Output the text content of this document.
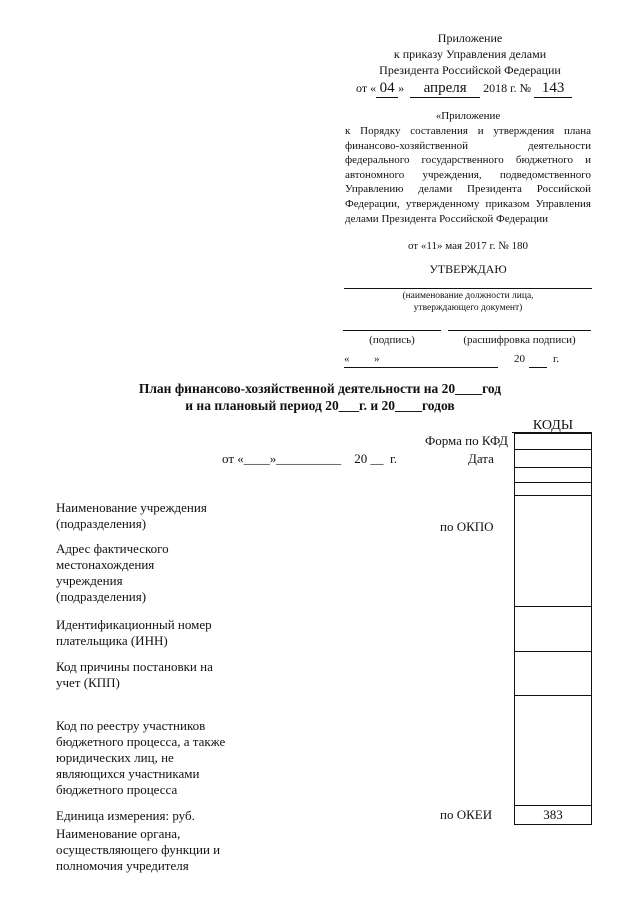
Приложение
к приказу Управления делами
Президента Российской Федерации
от « 04 » апреля 2018 г. № 143
«Приложение
к Порядку составления и утверждения плана финансово-хозяйственной деятельности федерального государственного бюджетного и автономного учреждения, подведомственного Управлению делами Президента Российской Федерации, утвержденному приказом Управления делами Президента Российской Федерации
от «11» мая 2017 г. № 180
УТВЕРЖДАЮ
(наименование должности лица,
утверждающего документ)
(подпись)	(расшифровка подписи)
« »	20	г.
План финансово-хозяйственной деятельности на 20____год
и на плановый период 20___г. и 20____годов
КОДЫ
Форма по КФД
от «____»__________    20 __  г.	Дата
по ОКПО
по ОКЕИ	383
Наименование учреждения (подразделения)
Адрес фактического местонахождения учреждения (подразделения)
Идентификационный номер плательщика (ИНН)
Код причины постановки на учет (КПП)
Код по реестру участников бюджетного процесса, а также юридических лиц, не являющихся участниками бюджетного процесса
Единица измерения: руб.
Наименование органа, осуществляющего функции и полномочия учредителя
